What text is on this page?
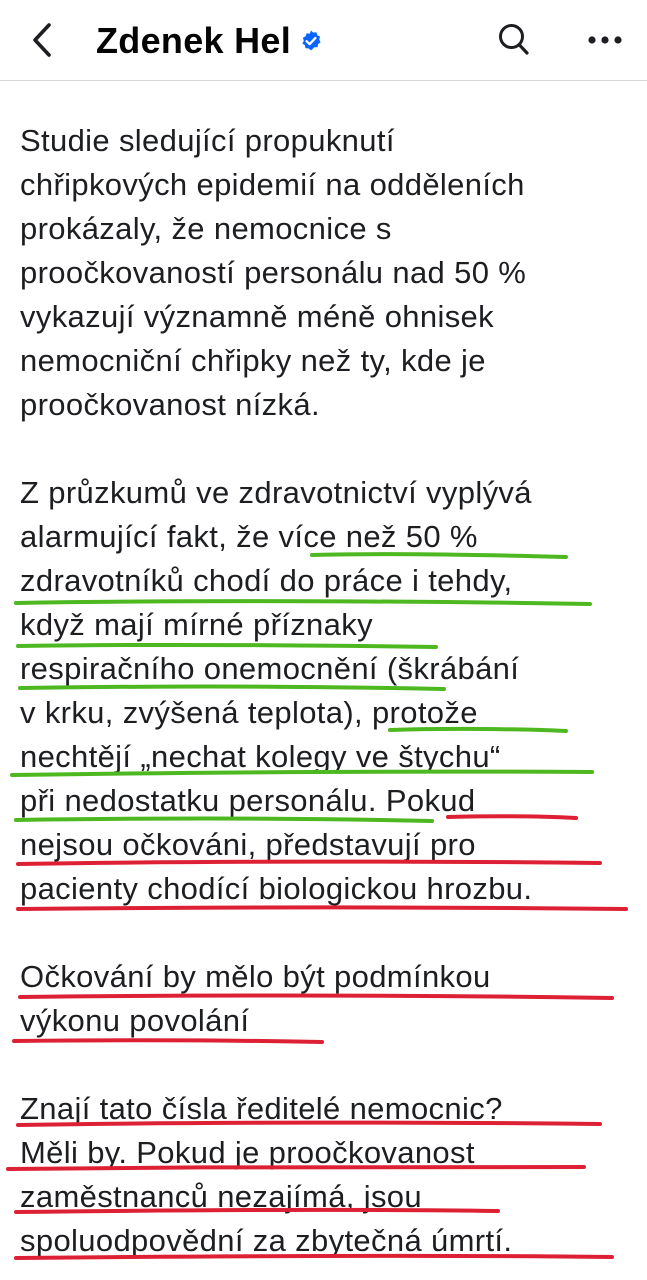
Zdenek Hel
Studie sledující propuknutí
chřipkových epidemií na odděleních
prokázaly, že nemocnice s
proočkovaností personálu nad 50 %
vykazují významně méně ohnisek
nemocniční chřipky než ty, kde je
proočkovanost nízká.
Z průzkumů ve zdravotnictví vyplývá
alarmující fakt, že více než 50 %
zdravotníků chodí do práce i tehdy,
když mají mírné příznaky
respiračního onemocnění (škrábání
v krku, zvýšená teplota), protože
nechtějí „nechat kolegy ve štychu“
při nedostatku personálu. Pokud
nejsou očkováni, představují pro
pacienty chodící biologickou hrozbu.
Očkování by mělo být podmínkou
výkonu povolání
Znají tato čísla ředitelé nemocnic?
Měli by. Pokud je proočkovanost
zaměstnanců nezajímá, jsou
spoluodpovědní za zbytečná úmrtí.
